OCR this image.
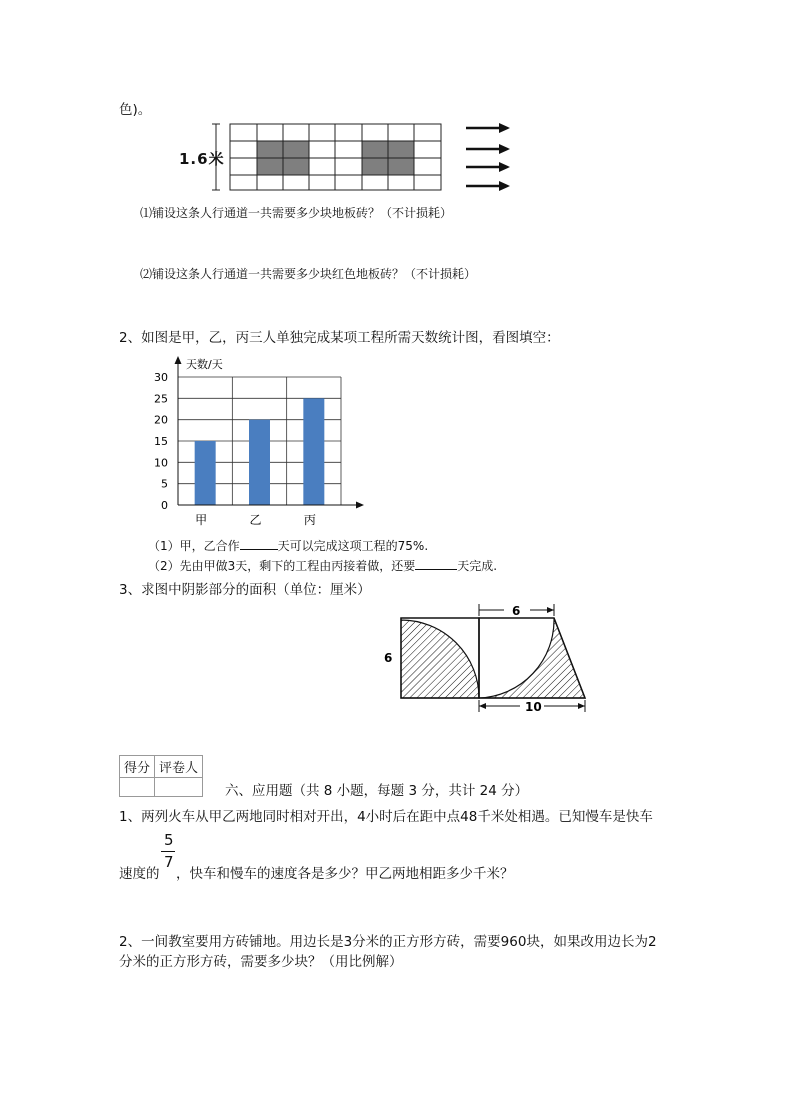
色)。
1.6米
⑴铺设这条人行通道一共需要多少块地板砖？（不计损耗）
⑵铺设这条人行通道一共需要多少块红色地板砖？（不计损耗）
2、如图是甲，乙，丙三人单独完成某项工程所需天数统计图，看图填空：
天数/天
0
5
10
15
20
25
30
甲	乙	丙
（1）甲，乙合作	天可以完成这项工程的75%.
（2）先由甲做3天，剩下的工程由丙接着做，还要	天完成.
3、求图中阴影部分的面积（单位：厘米）
6
6
10
得分	评卷人

六、应用题（共 8 小题，每题 3 分，共计 24 分）
1、两列火车从甲乙两地同时相对开出，4小时后在距中点48千米处相遇。已知慢车是快车
5
7
速度的 ，快车和慢车的速度各是多少？甲乙两地相距多少千米？
2、一间教室要用方砖铺地。用边长是3分米的正方形方砖，需要960块，如果改用边长为2
分米的正方形方砖，需要多少块？（用比例解）
